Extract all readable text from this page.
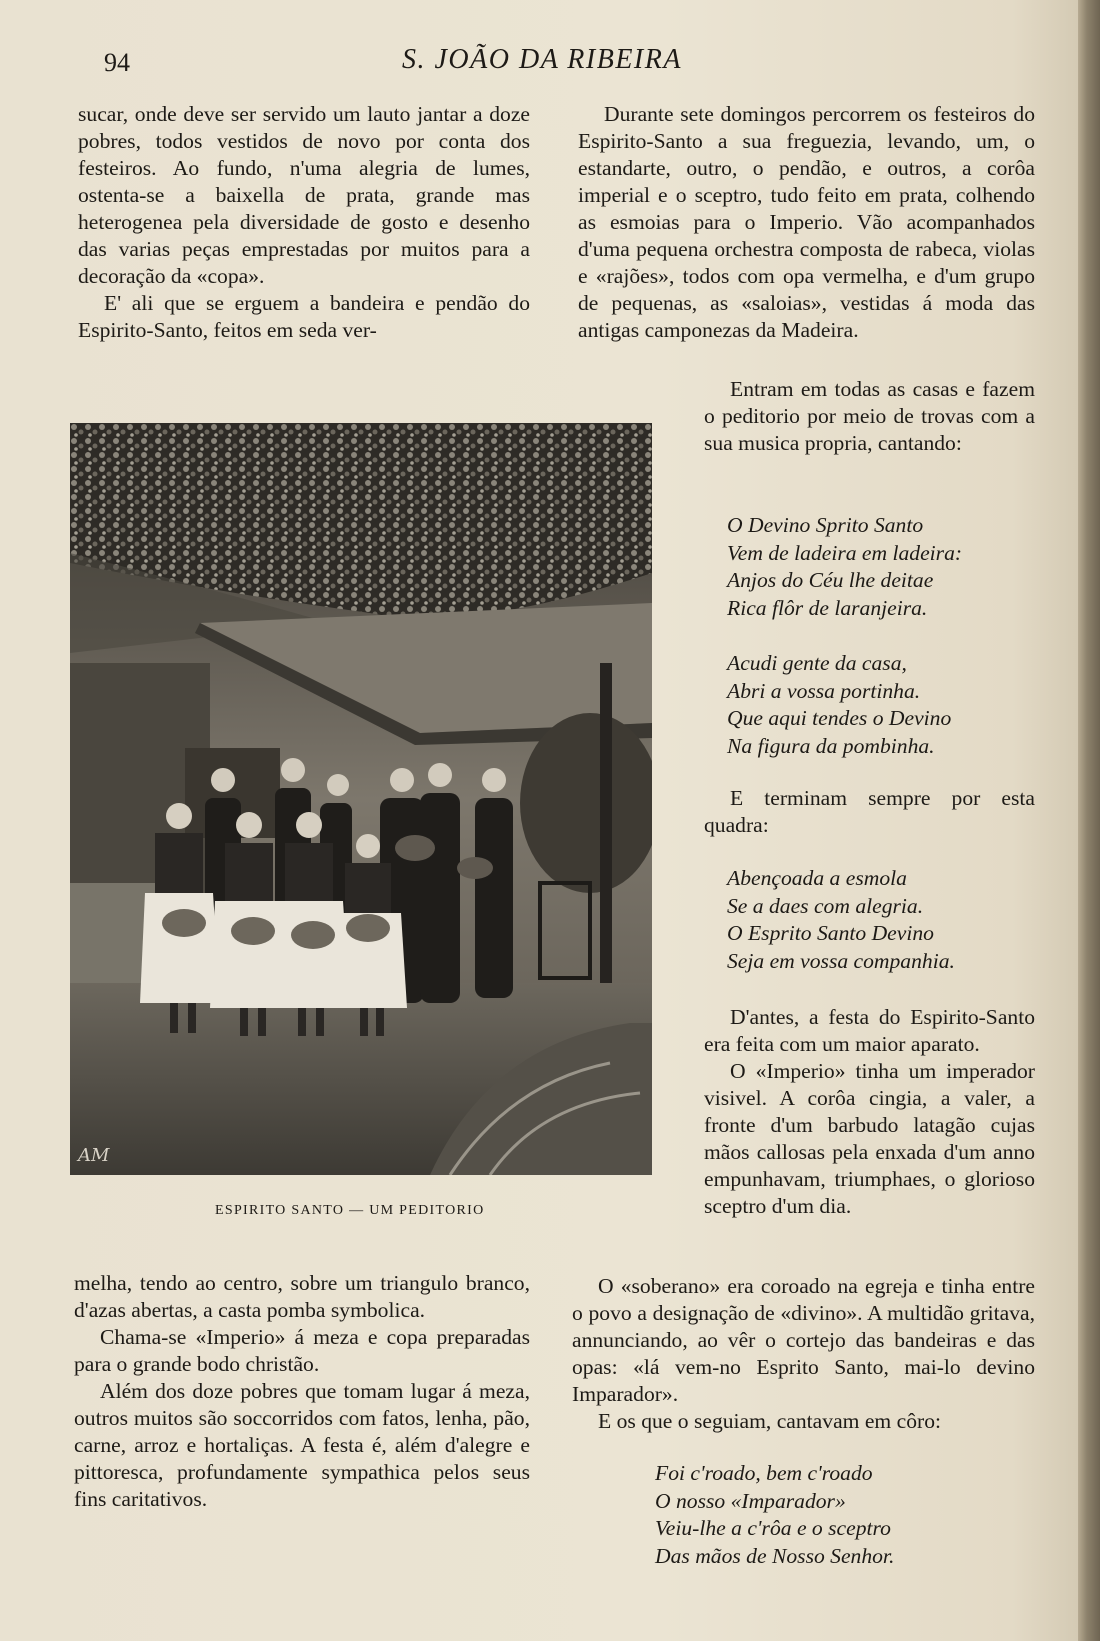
94	S. JOÃO DA RIBEIRA

sucar, onde deve ser servido um lauto jantar a doze pobres, todos vestidos de novo por conta dos festeiros. Ao fundo, n'uma alegria de lumes, ostenta-se a baixella de prata, grande mas heterogenea pela diversidade de gosto e desenho das varias peças emprestadas por muitos para a decoração da «copa».

E' ali que se erguem a bandeira e pendão do Espirito-Santo, feitos em seda ver-

AM
ESPIRITO SANTO — UM PEDITORIO

melha, tendo ao centro, sobre um triangulo branco, d'azas abertas, a casta pomba symbolica.

Chama-se «Imperio» á meza e copa preparadas para o grande bodo christão.

Além dos doze pobres que tomam lugar á meza, outros muitos são soccorridos com fatos, lenha, pão, carne, arroz e hortaliças. A festa é, além d'alegre e pittoresca, profundamente sympathica pelos seus fins caritativos.

Durante sete domingos percorrem os festeiros do Espirito-Santo a sua freguezia, levando, um, o estandarte, outro, o pendão, e outros, a corôa imperial e o sceptro, tudo feito em prata, colhendo as esmoias para o Imperio. Vão acompanhados d'uma pequena orchestra composta de rabeca, violas e «rajões», todos com opa vermelha, e d'um grupo de pequenas, as «saloias», vestidas á moda das antigas camponezas da Madeira.

Entram em todas as casas e fazem o peditorio por meio de trovas com a sua musica propria, cantando:

O Devino Sprito Santo
Vem de ladeira em ladeira:
Anjos do Céu lhe deitae
Rica flôr de laranjeira.
Acudi gente da casa,
Abri a vossa portinha.
Que aqui tendes o Devino
Na figura da pombinha.

E terminam sempre por esta quadra:

Abençoada a esmola
Se a daes com alegria.
O Esprito Santo Devino
Seja em vossa companhia.

D'antes, a festa do Espirito-Santo era feita com um maior aparato.

O «Imperio» tinha um imperador visivel. A corôa cingia, a valer, a fronte d'um barbudo latagão cujas mãos callosas pela enxada d'um anno empunhavam, triumphaes, o glorioso sceptro d'um dia.

O «soberano» era coroado na egreja e tinha entre o povo a designação de «divino». A multidão gritava, annunciando, ao vêr o cortejo das bandeiras e das opas: «lá vem-no Esprito Santo, mai-lo devino Imparador».

E os que o seguiam, cantavam em côro:

Foi c'roado, bem c'roado
O nosso «Imparador»
Veiu-lhe a c'rôa e o sceptro
Das mãos de Nosso Senhor.
